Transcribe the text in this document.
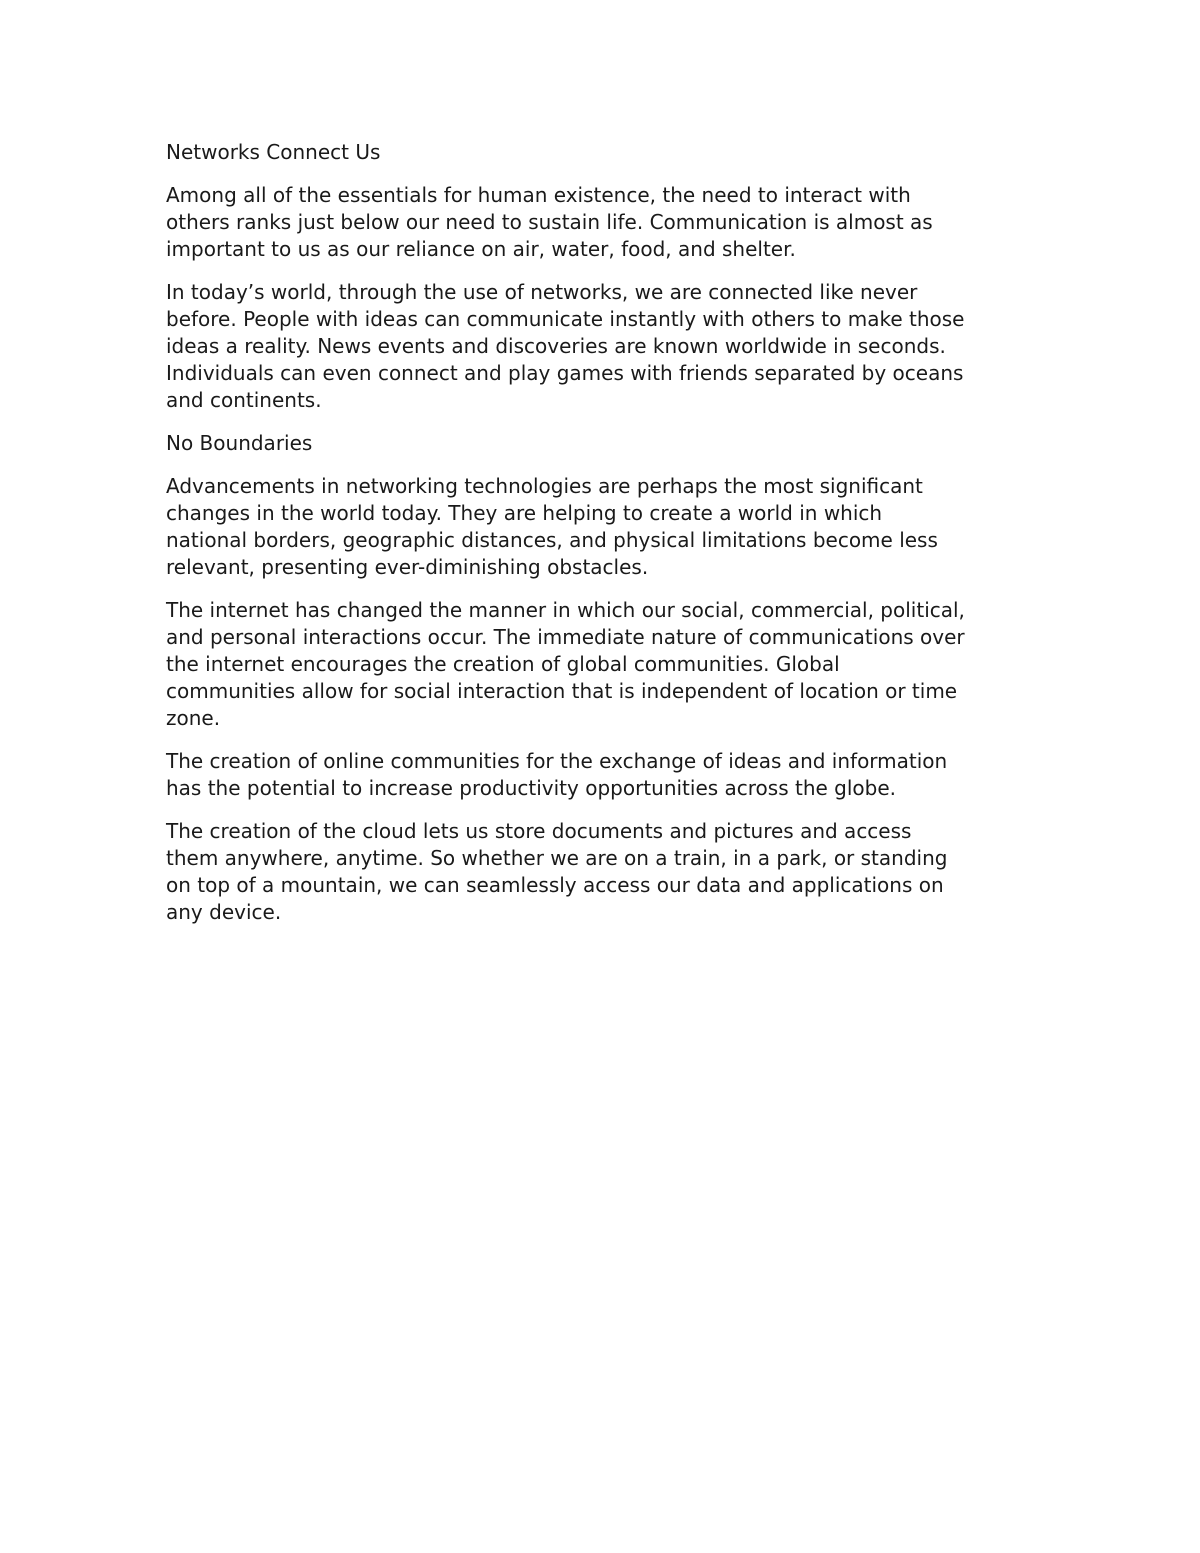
Networks Connect Us
Among all of the essentials for human existence, the need to interact with
others ranks just below our need to sustain life. Communication is almost as
important to us as our reliance on air, water, food, and shelter.
In today’s world, through the use of networks, we are connected like never
before. People with ideas can communicate instantly with others to make those
ideas a reality. News events and discoveries are known worldwide in seconds.
Individuals can even connect and play games with friends separated by oceans
and continents.
No Boundaries
Advancements in networking technologies are perhaps the most significant
changes in the world today. They are helping to create a world in which
national borders, geographic distances, and physical limitations become less
relevant, presenting ever-diminishing obstacles.
The internet has changed the manner in which our social, commercial, political,
and personal interactions occur. The immediate nature of communications over
the internet encourages the creation of global communities. Global
communities allow for social interaction that is independent of location or time
zone.
The creation of online communities for the exchange of ideas and information
has the potential to increase productivity opportunities across the globe.
The creation of the cloud lets us store documents and pictures and access
them anywhere, anytime. So whether we are on a train, in a park, or standing
on top of a mountain, we can seamlessly access our data and applications on
any device.
